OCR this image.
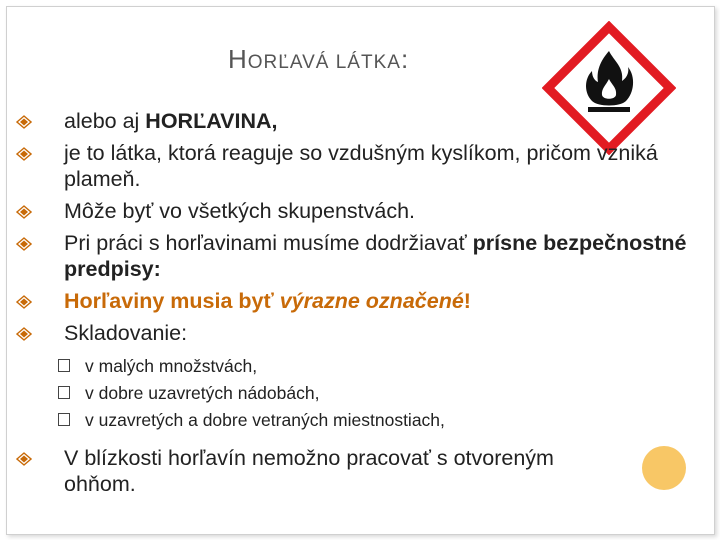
HORĽAVÁ LÁTKA:
alebo aj HORĽAVINA,
je to látka, ktorá reaguje so vzdušným kyslíkom, pričom vzniká plameň.
Môže byť vo všetkých skupenstvách.
Pri práci s horľavinami musíme dodržiavať prísne bezpečnostné predpisy:
Horľaviny musia byť výrazne označené!
Skladovanie:
v malých množstvách,
v dobre uzavretých nádobách,
v uzavretých a dobre vetraných miestnostiach,
V blízkosti horľavín nemožno pracovať s otvoreným ohňom.
